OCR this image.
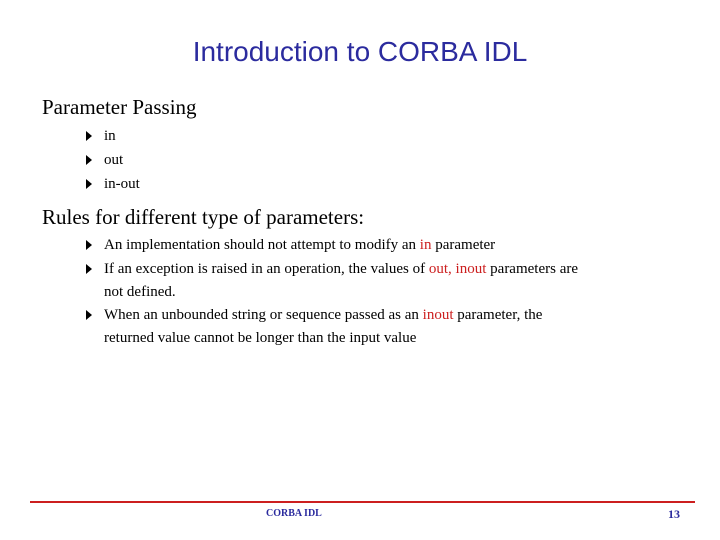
Introduction to CORBA IDL
Parameter Passing
in
out
in-out
Rules for different type of parameters:
An implementation should not attempt to modify an in parameter
If an exception is raised in an operation, the values of out, inout parameters are
not defined.
When an unbounded string or sequence passed as an inout parameter, the
returned value cannot be longer than the input value
CORBA IDL	13
